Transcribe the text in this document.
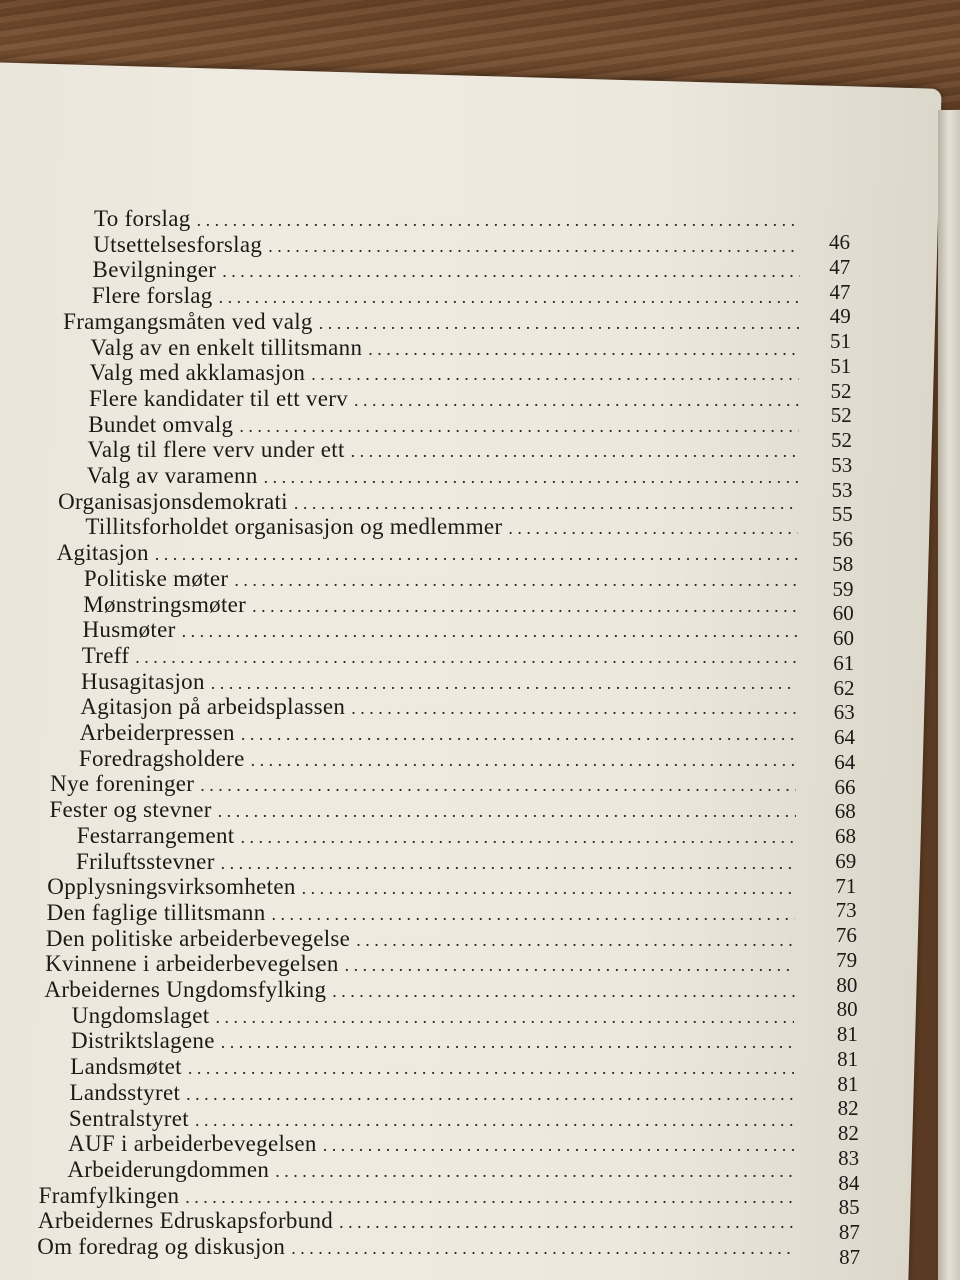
To forslag
. . .
Utsettelsesforslag
. . .
Bevilgninger
. . .
Flere forslag
. . .
Framgangsmåten ved valg
. . .
Valg av en enkelt tillitsmann
. . .
Valg med akklamasjon
. . .
Flere kandidater til ett verv
. . .
Bundet omvalg
. . .
Valg til flere verv under ett
. . .
Valg av varamenn
. . .
Organisasjonsdemokrati
. . .
Tillitsforholdet organisasjon og medlemmer
. . .
Agitasjon
. . .
Politiske møter
. . .
Mønstringsmøter
. . .
Husmøter
. . .
Treff
. . .
Husagitasjon
. . .
Agitasjon på arbeidsplassen
. . .
Arbeiderpressen
. . .
Foredragsholdere
. . .
Nye foreninger
. . .
Fester og stevner
. . .
Festarrangement
. . .
Friluftsstevner
. . .
Opplysningsvirksomheten
. . .
Den faglige tillitsmann
. . .
Den politiske arbeiderbevegelse
. . .
Kvinnene i arbeiderbevegelsen
. . .
Arbeidernes Ungdomsfylking
. . .
Ungdomslaget
. . .
Distriktslagene
. . .
Landsmøtet
. . .
Landsstyret
. . .
Sentralstyret
. . .
AUF i arbeiderbevegelsen
. . .
Arbeiderungdommen
. . .
Framfylkingen
. . .
Arbeidernes Edruskapsforbund
. . .
Om foredrag og diskusjon
. . .
46
47
47
49
51
51
52
52
52
53
53
55
56
58
59
60
60
61
62
63
64
64
66
68
68
69
71
73
76
79
80
80
81
81
81
82
82
83
84
85
87
87
